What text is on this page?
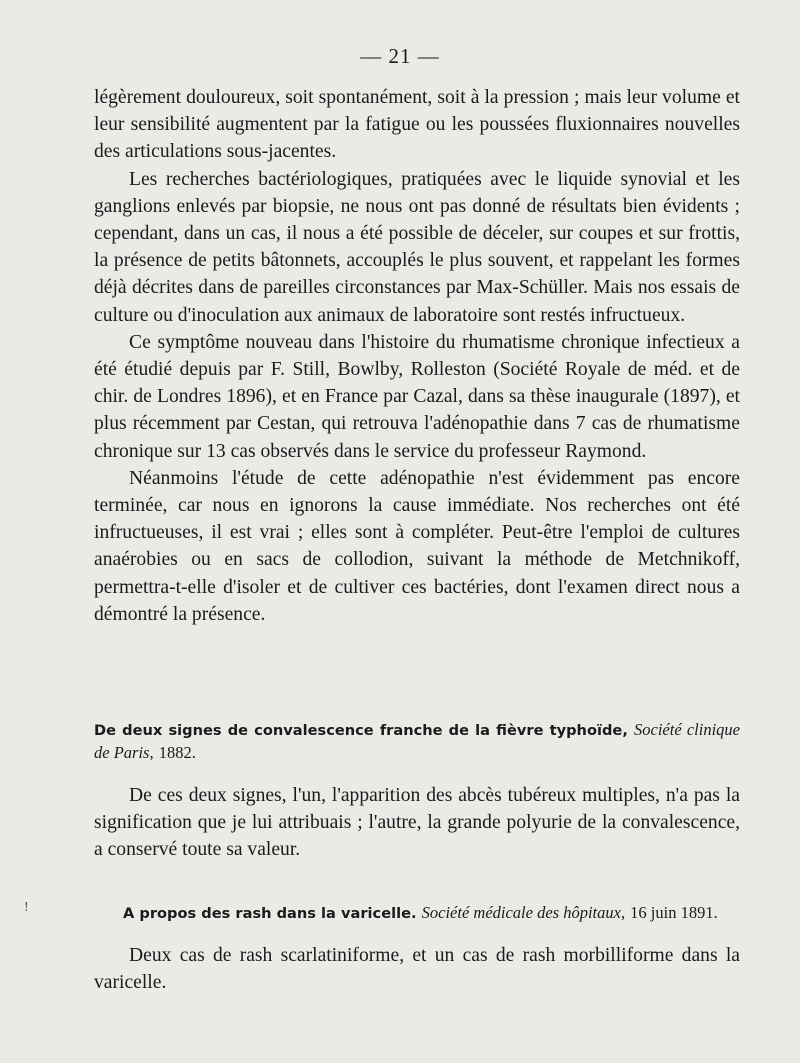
— 21 —

légèrement douloureux, soit spontanément, soit à la pression ; mais leur volume et leur sensibilité augmentent par la fatigue ou les poussées fluxionnaires nouvelles des articulations sous-jacentes.

Les recherches bactériologiques, pratiquées avec le liquide synovial et les ganglions enlevés par biopsie, ne nous ont pas donné de résultats bien évidents ; cependant, dans un cas, il nous a été possible de déceler, sur coupes et sur frottis, la présence de petits bâtonnets, accouplés le plus souvent, et rappelant les formes déjà décrites dans de pareilles circonstances par Max-Schüller. Mais nos essais de culture ou d'inoculation aux animaux de laboratoire sont restés infructueux.

Ce symptôme nouveau dans l'histoire du rhumatisme chronique infectieux a été étudié depuis par F. Still, Bowlby, Rolleston (Société Royale de méd. et de chir. de Londres 1896), et en France par Cazal, dans sa thèse inaugurale (1897), et plus récemment par Cestan, qui retrouva l'adénopathie dans 7 cas de rhumatisme chronique sur 13 cas observés dans le service du professeur Raymond.

Néanmoins l'étude de cette adénopathie n'est évidemment pas encore terminée, car nous en ignorons la cause immédiate. Nos recherches ont été infructueuses, il est vrai ; elles sont à compléter. Peut-être l'emploi de cultures anaérobies ou en sacs de collodion, suivant la méthode de Metchnikoff, permettra-t-elle d'isoler et de cultiver ces bactéries, dont l'examen direct nous a démontré la présence.

De deux signes de convalescence franche de la fièvre typhoïde, Société clinique de Paris, 1882.

De ces deux signes, l'un, l'apparition des abcès tubéreux multiples, n'a pas la signification que je lui attribuais ; l'autre, la grande polyurie de la convalescence, a conservé toute sa valeur.

A propos des rash dans la varicelle. Société médicale des hôpitaux, 16 juin 1891.

Deux cas de rash scarlatiniforme, et un cas de rash morbilliforme dans la varicelle.

!
